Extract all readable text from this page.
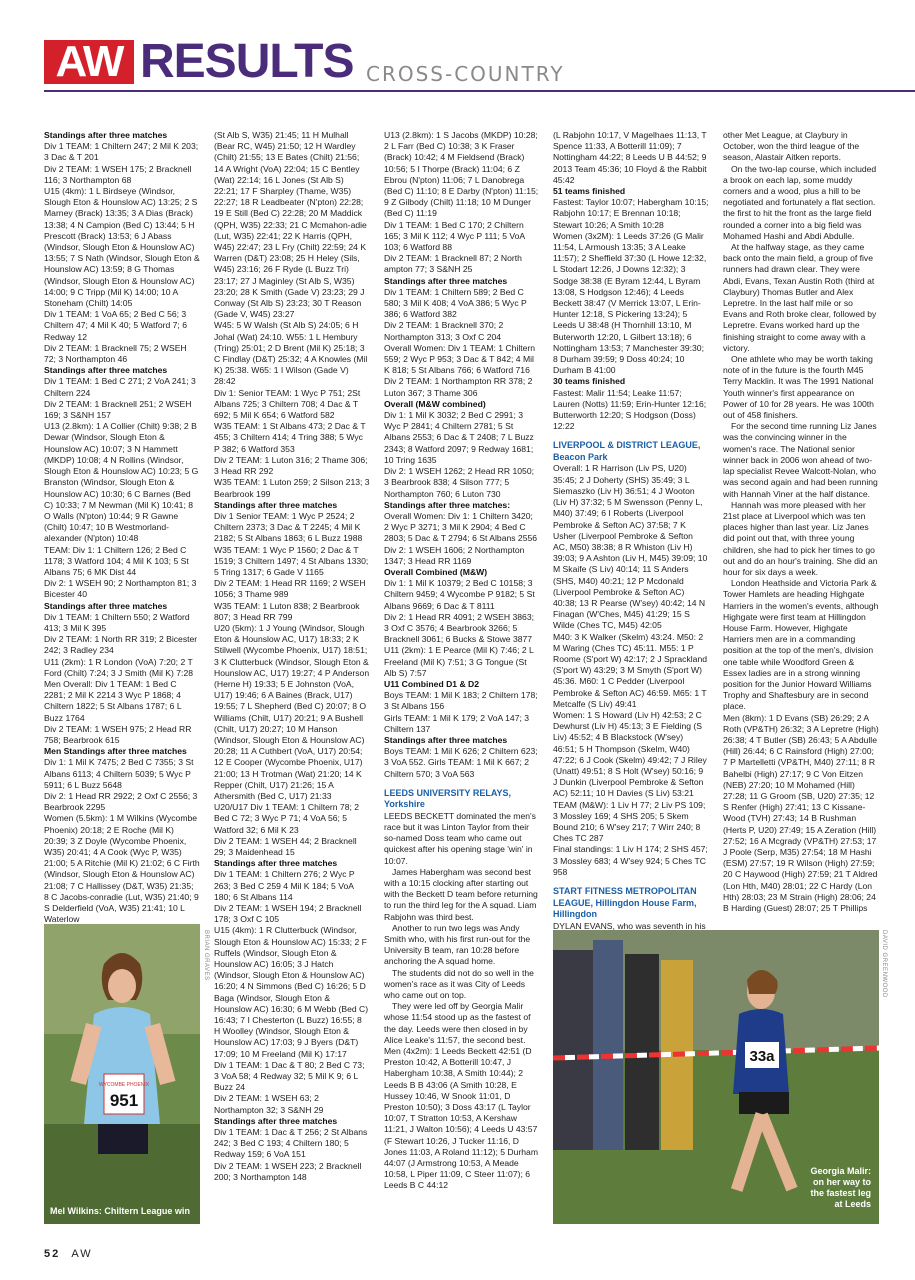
AW RESULTS CROSS-COUNTRY
Standings after three matches
Div 1 TEAM: 1 Chiltern 247; 2 Mil K 203; 3 Dac & T 201
Div 2 TEAM: 1 WSEH 175; 2 Bracknell 116; 3 Northampton 68
U15 (4km): 1 L Birdseye (Windsor, Slough Eton & Hounslow AC) 13:25; 2 S Marney (Brack) 13:35; 3 A Dias (Brack) 13:38; 4 N Campion (Bed C) 13:44; 5 H Prescott (Brack) 13:53; 6 J Abass (Windsor, Slough Eton & Hounslow AC) 13:55; 7 S Nath (Windsor, Slough Eton & Hounslow AC) 13:59; 8 G Thomas (Windsor, Slough Eton & Hounslow AC) 14:00; 9 C Tripp (Mil K) 14:00; 10 A Stoneham (Chilt) 14:05
Div 1 TEAM: 1 VoA 65; 2 Bed C 56; 3 Chiltern 47; 4 Mil K 40; 5 Watford 7; 6 Redway 12
Div 2 TEAM: 1 Bracknell 75; 2 WSEH 72; 3 Northampton 46
Standings after three matches
Div 1 TEAM: 1 Bed C 271; 2 VoA 241; 3 Chiltern 224
Div 2 TEAM: 1 Bracknell 251; 2 WSEH 169; 3 S&NH 157
U13 (2.8km): 1 A Collier (Chilt) 9:38; 2 B Dewar (Windsor, Slough Eton & Hounslow AC) 10:07; 3 N Hammett (MKDP) 10:08; 4 N Rollins (Windsor, Slough Eton & Hounslow AC) 10:23; 5 G Branston (Windsor, Slough Eton & Hounslow AC) 10:30; 6 C Barnes (Bed C) 10:33; 7 M Newman (Mil K) 10:41; 8 O Walls (N'pton) 10:44; 9 R Gawne (Chilt) 10:47; 10 B Westmorland-alexander (N'pton) 10:48
TEAM: Div 1: 1 Chiltern 126; 2 Bed C 1178; 3 Watford 104; 4 Mil K 103; 5 St Albans 75; 6 MK Dist 44
Div 2: 1 WSEH 90; 2 Northampton 81; 3 Bicester 40
Standings after three matches
Div 1 TEAM: 1 Chiltern 550; 2 Watford 413; 3 Mil K 395
Div 2 TEAM: 1 North RR 319; 2 Bicester 242; 3 Radley 234
U11 (2km): 1 R London (VoA) 7:20; 2 T Ford (Chilt) 7:24; 3 J Smith (Mil K) 7:28
Men Overall: Div 1 TEAM: 1 Bed C 2281; 2 Mil K 2214 3 Wyc P 1868; 4 Chiltern 1822; 5 St Albans 1787; 6 L Buzz 1764
Div 2 TEAM: 1 WSEH 975; 2 Head RR 758; Bearbrook 615
Men Standings after three matches
Div 1: 1 Mil K 7475; 2 Bed C 7355; 3 St Albans 6113; 4 Chiltern 5039; 5 Wyc P 5911; 6 L Buzz 5648
Div 2: 1 Head RR 2922; 2 Oxf C 2556; 3 Bearbrook 2295
Women (5.5km): 1 M Wilkins (Wycombe Phoenix) 20:18; 2 E Roche (Mil K) 20:39; 3 Z Doyle (Wycombe Phoenix, W35) 20:41; 4 A Cook (Wyc P, W35) 21:00; 5 A Ritchie (Mil K) 21:02; 6 C Firth (Windsor, Slough Eton & Hounslow AC) 21:08; 7 C Hallissey (D&T, W35) 21:35; 8 C Jacobs-conradie (Lut, W35) 21:40; 9 S Delderfield (VoA, W35) 21:41; 10 L Waterlow
(St Alb S, W35) 21:45; 11 H Mulhall (Bear RC, W45) 21:50; 12 H Wardley (Chilt) 21:55; 13 E Bates (Chilt) 21:56; 14 A Wright (VoA) 22:04; 15 C Bentley (Wat) 22:14; 16 L Jones (St Alb S) 22:21; 17 F Sharpley (Thame, W35) 22:27; 18 R Leadbeater (N'pton) 22:28; 19 E Still (Bed C) 22:28; 20 M Maddick (QPH, W35) 22:33; 21 C Mcmahon-adie (Lut, W35) 22:41; 22 K Harris (QPH, W45) 22:47; 23 L Fry (Chilt) 22:59; 24 K Warren (D&T) 23:08; 25 H Heley (Sils, W45) 23:16; 26 F Ryde (L Buzz Tri) 23:17; 27 J Maginley (St Alb S, W35) 23:20; 28 K Smith (Gade V) 23:23; 29 J Conway (St Alb S) 23:23; 30 T Reason (Gade V, W45) 23:27
W45: 5 W Walsh (St Alb S) 24:05; 6 H Johal (Wat) 24:10. W55: 1 L Hembury (Tring) 25:01; 2 D Brent (Mil K) 25:18; 3 C Findlay (D&T) 25:32; 4 A Knowles (Mil K) 25:38. W65: 1 I Wilson (Gade V) 28:42
Div 1: Senior TEAM: 1 Wyc P 751; 2St Albans 725; 3 Chiltern 708; 4 Dac & T 692; 5 Mil K 654; 6 Watford 582
W35 TEAM: 1 St Albans 473; 2 Dac & T 455; 3 Chiltern 414; 4 Tring 388; 5 Wyc P 382; 6 Watford 353
Div 2 TEAM: 1 Luton 316; 2 Thame 306; 3 Head RR 292
W35 TEAM: 1 Luton 259; 2 Silson 213; 3 Bearbrook 199
Standings after three matches
Div 1 Senior TEAM: 1 Wyc P 2524; 2 Chiltern 2373; 3 Dac & T 2245; 4 Mil K 2182; 5 St Albans 1863; 6 L Buzz 1988
W35 TEAM: 1 Wyc P 1560; 2 Dac & T 1519; 3 Chiltern 1497; 4 St Albans 1330; 5 Tring 1317; 6 Gade V 1165
Div 2 TEAM: 1 Head RR 1169; 2 WSEH 1056; 3 Thame 989
W35 TEAM: 1 Luton 838; 2 Bearbrook 807; 3 Head RR 799
U20 (5km): 1 J Young (Windsor, Slough Eton & Hounslow AC, U17) 18:33; 2 K Stilwell (Wycombe Phoenix, U17) 18:51; 3 K Clutterbuck (Windsor, Slough Eton & Hounslow AC, U17) 19:27; 4 P Anderson (Herne H) 19:33; 5 E Johnston (VoA, U17) 19:46; 6 A Baines (Brack, U17) 19:55; 7 L Shepherd (Bed C) 20:07; 8 O Williams (Chilt, U17) 20:21; 9 A Bushell (Chilt, U17) 20:27; 10 M Hanson (Windsor, Slough Eton & Hounslow AC) 20:28; 11 A Cuthbert (VoA, U17) 20:54; 12 E Cooper (Wycombe Phoenix, U17) 21:00; 13 H Trotman (Wat) 21:20; 14 K Repper (Chilt, U17) 21:26; 15 A Athersmith (Bed C, U17) 21:33
U20/U17 Div 1 TEAM: 1 Chiltern 78; 2 Bed C 72; 3 Wyc P 71; 4 VoA 56; 5 Watford 32; 6 Mil K 23
Div 2 TEAM: 1 WSEH 44; 2 Bracknell 29; 3 Maidenhead 15
Standings after three matches
Div 1 TEAM: 1 Chiltern 276; 2 Wyc P 263; 3 Bed C 259 4 Mil K 184; 5 VoA 180; 6 St Albans 114
Div 2 TEAM: 1 WSEH 194; 2 Bracknell 178; 3 Oxf C 105
U15 (4km): 1 R Clutterbuck (Windsor, Slough Eton & Hounslow AC) 15:33; 2 F Ruffels (Windsor, Slough Eton & Hounslow AC) 16:05; 3 J Hatch (Windsor, Slough Eton & Hounslow AC) 16:20; 4 N Simmons (Bed C) 16:26; 5 D Baga (Windsor, Slough Eton & Hounslow AC) 16:30; 6 M Webb (Bed C) 16:43; 7 I Chesterton (L Buzz) 16:55; 8 H Woolley (Windsor, Slough Eton & Hounslow AC) 17:03; 9 J Byers (D&T) 17:09; 10 M Freeland (Mil K) 17:17
Div 1 TEAM: 1 Dac & T 80; 2 Bed C 73; 3 VoA 58; 4 Redway 32; 5 Mil K 9; 6 L Buzz 24
Div 2 TEAM: 1 WSEH 63; 2 Northampton 32; 3 S&NH 29
Standings after three matches
Div 1 TEAM: 1 Dac & T 256; 2 St Albans 242; 3 Bed C 193; 4 Chiltern 180; 5 Redway 159; 6 VoA 151
Div 2 TEAM: 1 WSEH 223; 2 Bracknell 200; 3 Northampton 148
U13 (2.8km): 1 S Jacobs (MKDP) 10:28; 2 L Farr (Bed C) 10:38; 3 K Fraser (Brack) 10:42; 4 M Fieldsend (Brack) 10:56; 5 I Thorpe (Brack) 11:04; 6 Z Ebrou (N'pton) 11:06; 7 L Danobrega (Bed C) 11:10; 8 E Darby (N'pton) 11:15; 9 Z Gilbody (Chilt) 11:18; 10 M Dunger (Bed C) 11:19
Div 1 TEAM: 1 Bed C 170; 2 Chiltern 165; 3 Mil K 112; 4 Wyc P 111; 5 VoA 103; 6 Watford 88
Div 2 TEAM: 1 Bracknell 87; 2 North ampton 77; 3 S&NH 25
Standings after three matches
Div 1 TEAM: 1 Chiltern 589; 2 Bed C 580; 3 Mil K 408; 4 VoA 386; 5 Wyc P 386; 6 Watford 382
Div 2 TEAM: 1 Bracknell 370; 2 Northampton 313; 3 Oxf C 204
Overall Women: Div 1 TEAM: 1 Chiltern 559; 2 Wyc P 953; 3 Dac & T 842; 4 Mil K 818; 5 St Albans 766; 6 Watford 716
Div 2 TEAM: 1 Northampton RR 378; 2 Luton 367; 3 Thame 306
Overall (M&W combined)
Div 1: 1 Mil K 3032; 2 Bed C 2991; 3 Wyc P 2841; 4 Chiltern 2781; 5 St Albans 2553; 6 Dac & T 2408; 7 L Buzz 2343; 8 Watford 2097; 9 Redway 1681; 10 Tring 1635
Div 2: 1 WSEH 1262; 2 Head RR 1050; 3 Bearbrook 838; 4 Silson 777; 5 Northampton 760; 6 Luton 730
Standings after three matches:
Overall Women: Div 1: 1 Chiltern 3420; 2 Wyc P 3271; 3 Mil K 2904; 4 Bed C 2803; 5 Dac & T 2794; 6 St Albans 2556
Div 2: 1 WSEH 1606; 2 Northampton 1347; 3 Head RR 1169
Overall Combined (M&W)
Div 1: 1 Mil K 10379; 2 Bed C 10158; 3 Chiltern 9459; 4 Wycombe P 9182; 5 St Albans 9669; 6 Dac & T 8111
Div 2: 1 Head RR 4091; 2 WSEH 3863; 3 Oxf C 3576; 4 Bearbrook 3266; 5 Bracknell 3061; 6 Bucks & Stowe 3877
U11 (2km): 1 E Pearce (Mil K) 7:46; 2 L Freeland (Mil K) 7:51; 3 G Tongue (St Alb S) 7:57
U11 Combined D1 & D2
Boys TEAM: 1 Mil K 183; 2 Chiltern 178; 3 St Albans 156
Girls TEAM: 1 Mil K 179; 2 VoA 147; 3 Chiltern 137
Standings after three matches
Boys TEAM: 1 Mil K 626; 2 Chiltern 623; 3 VoA 552. Girls TEAM: 1 Mil K 667; 2 Chiltern 570; 3 VoA 563
LEEDS UNIVERSITY RELAYS, Yorkshire
LEEDS BECKETT dominated the men's race but it was Linton Taylor from their so-named Doss team who came out quickest after his opening stage 'win' in 10:07.
James Habergham was second best with a 10:15 clocking after starting out with the Beckett D team before returning to run the third leg for the A squad. Liam Rabjohn was third best.
Another to run two legs was Andy Smith who, with his first run-out for the University B team, ran 10:28 before anchoring the A squad home.
The students did not do so well in the women's race as it was City of Leeds who came out on top.
They were led off by Georgia Malir whose 11:54 stood up as the fastest of the day. Leeds were then closed in by Alice Leake's 11:57, the second best.
Men (4x2m): 1 Leeds Beckett 42:51 (D Preston 10:42, A Botterill 10:47, J Habergham 10:38, A Smith 10:44); 2 Leeds B B 43:06 (A Smith 10:28, E Hussey 10:46, W Snook 11:01, D Preston 10:50); 3 Doss 43:17 (L Taylor 10:07, T Stratton 10:53, A Kershaw 11:21, J Walton 10:56); 4 Leeds U 43:57 (F Stewart 10:26, J Tucker 11:16, D Jones 11:03, A Roland 11:12); 5 Durham 44:07 (J Armstrong 10:53, A Meade 10:58, L Piper 11:09, C Steer 11:07); 6 Leeds B C 44:12
(L Rabjohn 10:17, V Magelhaes 11:13, T Spence 11:33, A Botterill 11:09); 7 Nottingham 44:22; 8 Leeds U B 44:52; 9 2013 Team 45:36; 10 Floyd & the Rabbit 45:42
51 teams finished
Fastest: Taylor 10:07; Habergham 10:15; Rabjohn 10:17; E Brennan 10:18; Stewart 10:26; A Smith 10:28
Women (3x2M): 1 Leeds 37:26 (G Malir 11:54, L Armoush 13:35; 3 A Leake 11:57); 2 Sheffield 37:30 (L Howe 12:32, L Stodart 12:26, J Downs 12:32); 3 Sodge 38:38 (E Byram 12:44, L Byram 13:08, S Hodgson 12:46); 4 Leeds Beckett 38:47 (V Merrick 13:07, L Erin-Hunter 12:18, S Pickering 13:24); 5 Leeds U 38:48 (H Thornhill 13:10, M Buterworth 12:20, L Gilbert 13:18); 6 Nottingham 13:53; 7 Manchester 39:30; 8 Durham 39:59; 9 Doss 40:24; 10 Durham B 41:00
30 teams finished
Fastest: Malir 11:54; Leake 11:57; Lauren (Notts) 11:59; Erin-Hunter 12:16; Butterworth 12:20; S Hodgson (Doss) 12:22
LIVERPOOL & DISTRICT LEAGUE, Beacon Park
Overall: 1 R Harrison (Liv PS, U20) 35:45; 2 J Doherty (SHS) 35:49; 3 L Siemaszko (Liv H) 36:51; 4 J Wooton (Liv H) 37:32; 5 M Swensson (Penny L, M40) 37:49; 6 I Roberts (Liverpool Pembroke & Sefton AC) 37:58; 7 K Usher (Liverpool Pembroke & Sefton AC, M50) 38:38; 8 R Whiston (Liv H) 39:03; 9 A Ashton (Liv H, M45) 39:09; 10 M Skaife (S Liv) 40:14; 11 S Anders (SHS, M40) 40:21; 12 P Mcdonald (Liverpool Pembroke & Sefton AC) 40:38; 13 R Pearse (W'sey) 40:42; 14 N Finagan (W'Ches, M45) 41:29; 15 S Wilde (Ches TC, M45) 42:05
M40: 3 K Walker (Skelm) 43:24. M50: 2 M Waring (Ches TC) 45:11. M55: 1 P Roome (S'port W) 42:17; 2 J Sprackland (S'port W) 43:29; 3 M Smyth (S'port W) 45:36. M60: 1 C Pedder (Liverpool Pembroke & Sefton AC) 46:59. M65: 1 T Metcalfe (S Liv) 49:41
Women: 1 S Howard (Liv H) 42:53; 2 C Dewhurst (Liv H) 45:13; 3 E Fielding (S Liv) 45:52; 4 B Blackstock (W'sey) 46:51; 5 H Thompson (Skelm, W40) 47:22; 6 J Cook (Skelm) 49:42; 7 J Riley (Unatt) 49:51; 8 S Holt (W'sey) 50:16; 9 J Dunkin (Liverpool Pembroke & Sefton AC) 52:11; 10 H Davies (S Liv) 53:21
TEAM (M&W): 1 Liv H 77; 2 Liv PS 109; 3 Mossley 169; 4 SHS 205; 5 Skem Bound 210; 6 W'sey 217; 7 Wirr 240; 8 Ches TC 287
Final standings: 1 Liv H 174; 2 SHS 457; 3 Mossley 683; 4 W'sey 924; 5 Ches TC 958
START FITNESS METROPOLITAN LEAGUE, Hillingdon House Farm, Hillingdon
DYLAN EVANS, who was seventh in his
other Met League, at Claybury in October, won the third league of the season, Alastair Aitken reports.
On the two-lap course, which included a brook on each lap, some muddy corners and a wood, plus a hill to be negotiated and fortunately a flat section. the first to hit the front as the large field rounded a corner into a big field was Mohamed Hashi and Abdi Abdulle.
At the halfway stage, as they came back onto the main field, a group of five runners had drawn clear. They were Abdi, Evans, Texan Austin Roth (third at Claybury) Thomas Butler and Alex Lepretre. In the last half mile or so Evans and Roth broke clear, followed by Lepretre. Evans worked hard up the finishing straight to come away with a victory.
One athlete who may be worth taking note of in the future is the fourth M45 Terry Macklin. It was The 1991 National Youth winner's first appearance on Power of 10 for 28 years. He was 100th out of 458 finishers.
For the second time running Liz Janes was the convincing winner in the women's race. The National senior winner back in 2006 won ahead of two-lap specialist Revee Walcott-Nolan, who was second again and had been running with Hannah Viner at the half distance.
Hannah was more pleased with her 21st place at Liverpool which was ten places higher than last year. Liz Janes did point out that, with three young children, she had to pick her times to go out and do an hour's training. She did an hour for six days a week.
London Heathside and Victoria Park & Tower Hamlets are heading Highgate Harriers in the women's events, although Highgate were first team at Hillingdon House Farm. However, Highgate Harriers men are in a commanding position at the top of the men's, division one table while Woodford Green & Essex ladies are in a strong winning position for the Junior Howard Williams Trophy and Shaftesbury are in second place.
Men (8km): 1 D Evans (SB) 26:29; 2 A Roth (VP&TH) 26:32; 3 A Lepretre (High) 26:38; 4 T Butler (SB) 26:43; 5 A Abdulle (Hill) 26:44; 6 C Rainsford (High) 27:00; 7 P Martelletti (VP&TH, M40) 27:11; 8 R Bahelbi (High) 27:17; 9 C Von Eitzen (NEB) 27:20; 10 M Mohamed (Hill) 27:28; 11 G Groom (SB, U20) 27:35; 12 S Renfer (High) 27:41; 13 C Kissane-Wood (TVH) 27:43; 14 B Rushman (Herts P, U20) 27:49; 15 A Zeration (Hill) 27:52; 16 A Mcgrady (VP&TH) 27:53; 17 J Poole (Serp, M35) 27:54; 18 M Hashi (ESM) 27:57; 19 R Wilson (High) 27:59; 20 C Haywood (High) 27:59; 21 T Aldred (Lon Hth, M40) 28:01; 22 C Hardy (Lon Hth) 28:03; 23 M Strain (High) 28:06; 24 B Harding (Guest) 28:07; 25 T Phillips
WYCOMBE PHOENIX
951
Mel Wilkins: Chiltern League win
BRIAN GRAVES
33a
Georgia Malir: on her way to the fastest leg at Leeds
DAVID GREENWOOD
52 AW
